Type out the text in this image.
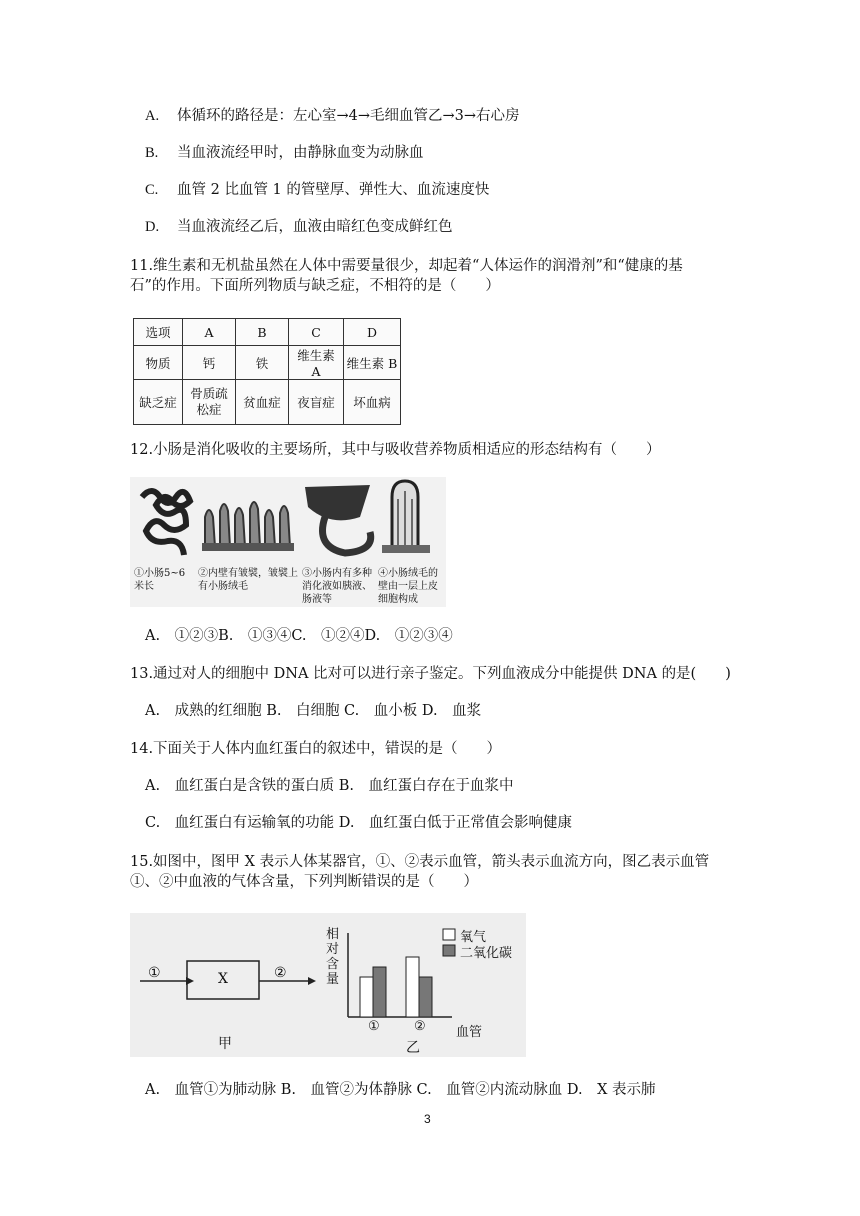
A. 体循环的路径是：左心室→4→毛细血管乙→3→右心房
B. 当血液流经甲时，由静脉血变为动脉血
C. 血管 2 比血管 1 的管壁厚、弹性大、血流速度快
D. 当血液流经乙后，血液由暗红色变成鲜红色
11.维生素和无机盐虽然在人体中需要量很少，却起着“人体运作的润滑剂”和“健康的基
石”的作用。下面所列物质与缺乏症，不相符的是（　　）
选项	A	B	C	D
物质	钙	铁	维生素 A	维生素 B
缺乏症	骨质疏松症	贫血症	夜盲症	坏血病
12.小肠是消化吸收的主要场所，其中与吸收营养物质相适应的形态结构有（　　）
①小肠5~6米长
②内壁有皱襞，皱襞上有小肠绒毛
③小肠内有多种消化液如胰液、肠液等
④小肠绒毛的壁由一层上皮细胞构成
A.　①②③B.　①③④C.　①②④D.　①②③④
13.通过对人的细胞中 DNA 比对可以进行亲子鉴定。下列血液成分中能提供 DNA 的是(　　)
A.　成熟的红细胞 B.　白细胞 C.　血小板 D.　血浆
14.下面关于人体内血红蛋白的叙述中，错误的是（　　）
A.　血红蛋白是含铁的蛋白质 B.　血红蛋白存在于血浆中
C.　血红蛋白有运输氧的功能 D.　血红蛋白低于正常值会影响健康
15.如图中，图甲 X 表示人体某器官，①、②表示血管，箭头表示血流方向，图乙表示血管
①、②中血液的气体含量，下列判断错误的是（　　）
①	X	②
甲
相对含量
氧气
二氧化碳
①	② 血管
乙
A.　血管①为肺动脉 B.　血管②为体静脉 C.　血管②内流动脉血 D.　X 表示肺
3
